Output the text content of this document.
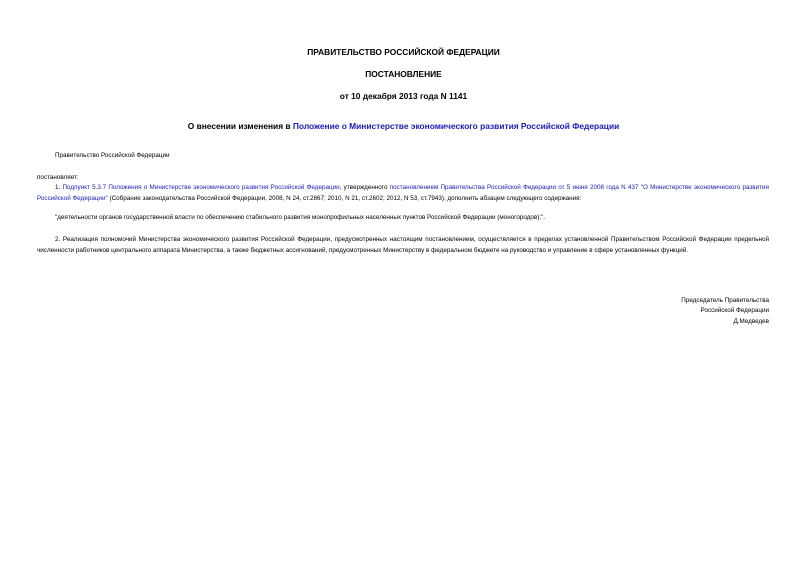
ПРАВИТЕЛЬСТВО РОССИЙСКОЙ ФЕДЕРАЦИИ
ПОСТАНОВЛЕНИЕ
от 10 декабря 2013 года N 1141
О внесении изменения в Положение о Министерстве экономического развития Российской Федерации
Правительство Российской Федерации
постановляет:
1. Подпункт 5.3.7 Положения о Министерстве экономического развития Российской Федерации, утвержденного постановлением Правительства Российской Федерации от 5 июня 2008 года N 437 "О Министерстве экономического развития Российской Федерации" (Собрание законодательства Российской Федерации, 2008, N 24, ст.2867; 2010, N 21, ст.2602; 2012, N 53, ст.7943), дополнить абзацем следующего содержания:
"деятельности органов государственной власти по обеспечению стабильного развития монопрофильных населенных пунктов Российской Федерации (моногородов);".
2. Реализация полномочий Министерства экономического развития Российской Федерации, предусмотренных настоящим постановлением, осуществляется в пределах установленной Правительством Российской Федерации предельной численности работников центрального аппарата Министерства, а также бюджетных ассигнований, предусмотренных Министерству в федеральном бюджете на руководство и управление в сфере установленных функций.
Председатель Правительства
Российской Федерации
Д.Медведев
